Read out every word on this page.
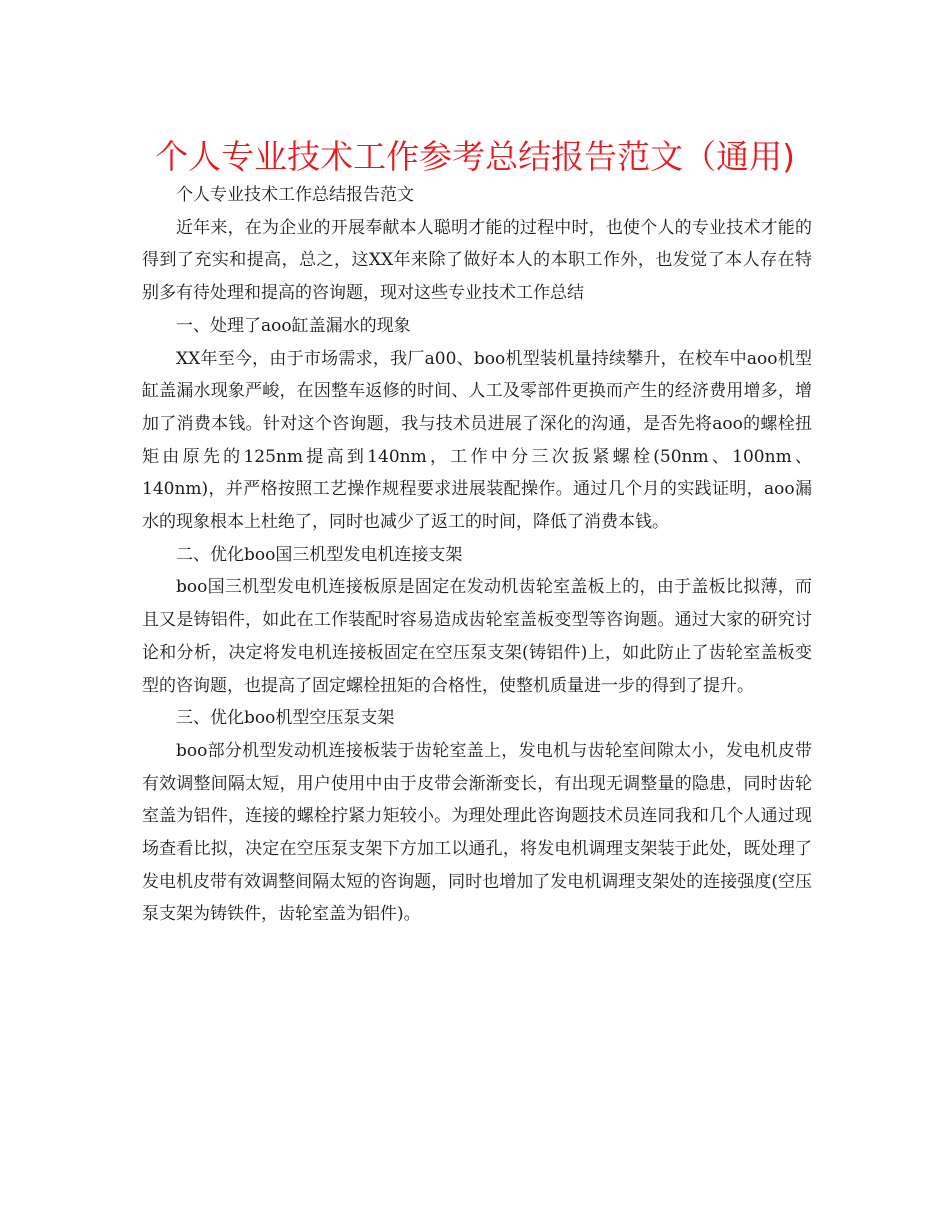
个人专业技术工作参考总结报告范文（通用)

个人专业技术工作总结报告范文

近年来，在为企业的开展奉献本人聪明才能的过程中时，也使个人的专业技术才能的得到了充实和提高，总之，这XX年来除了做好本人的本职工作外，也发觉了本人存在特别多有待处理和提高的咨询题，现对这些专业技术工作总结

一、处理了aoo缸盖漏水的现象

XX年至今，由于市场需求，我厂a00、boo机型装机量持续攀升，在校车中aoo机型缸盖漏水现象严峻，在因整车返修的时间、人工及零部件更换而产生的经济费用增多，增加了消费本钱。针对这个咨询题，我与技术员进展了深化的沟通，是否先将aoo的螺栓扭矩由原先的125nm提高到140nm，工作中分三次扳紧螺栓(50nm、100nm、140nm)，并严格按照工艺操作规程要求进展装配操作。通过几个月的实践证明，aoo漏水的现象根本上杜绝了，同时也减少了返工的时间，降低了消费本钱。

二、优化boo国三机型发电机连接支架

boo国三机型发电机连接板原是固定在发动机齿轮室盖板上的，由于盖板比拟薄，而且又是铸铝件，如此在工作装配时容易造成齿轮室盖板变型等咨询题。通过大家的研究讨论和分析，决定将发电机连接板固定在空压泵支架(铸铝件)上，如此防止了齿轮室盖板变型的咨询题，也提高了固定螺栓扭矩的合格性，使整机质量进一步的得到了提升。

三、优化boo机型空压泵支架

boo部分机型发动机连接板装于齿轮室盖上，发电机与齿轮室间隙太小，发电机皮带有效调整间隔太短，用户使用中由于皮带会渐渐变长，有出现无调整量的隐患，同时齿轮室盖为铝件，连接的螺栓拧紧力矩较小。为理处理此咨询题技术员连同我和几个人通过现场查看比拟，决定在空压泵支架下方加工以通孔，将发电机调理支架装于此处，既处理了发电机皮带有效调整间隔太短的咨询题，同时也增加了发电机调理支架处的连接强度(空压泵支架为铸铁件，齿轮室盖为铝件)。
